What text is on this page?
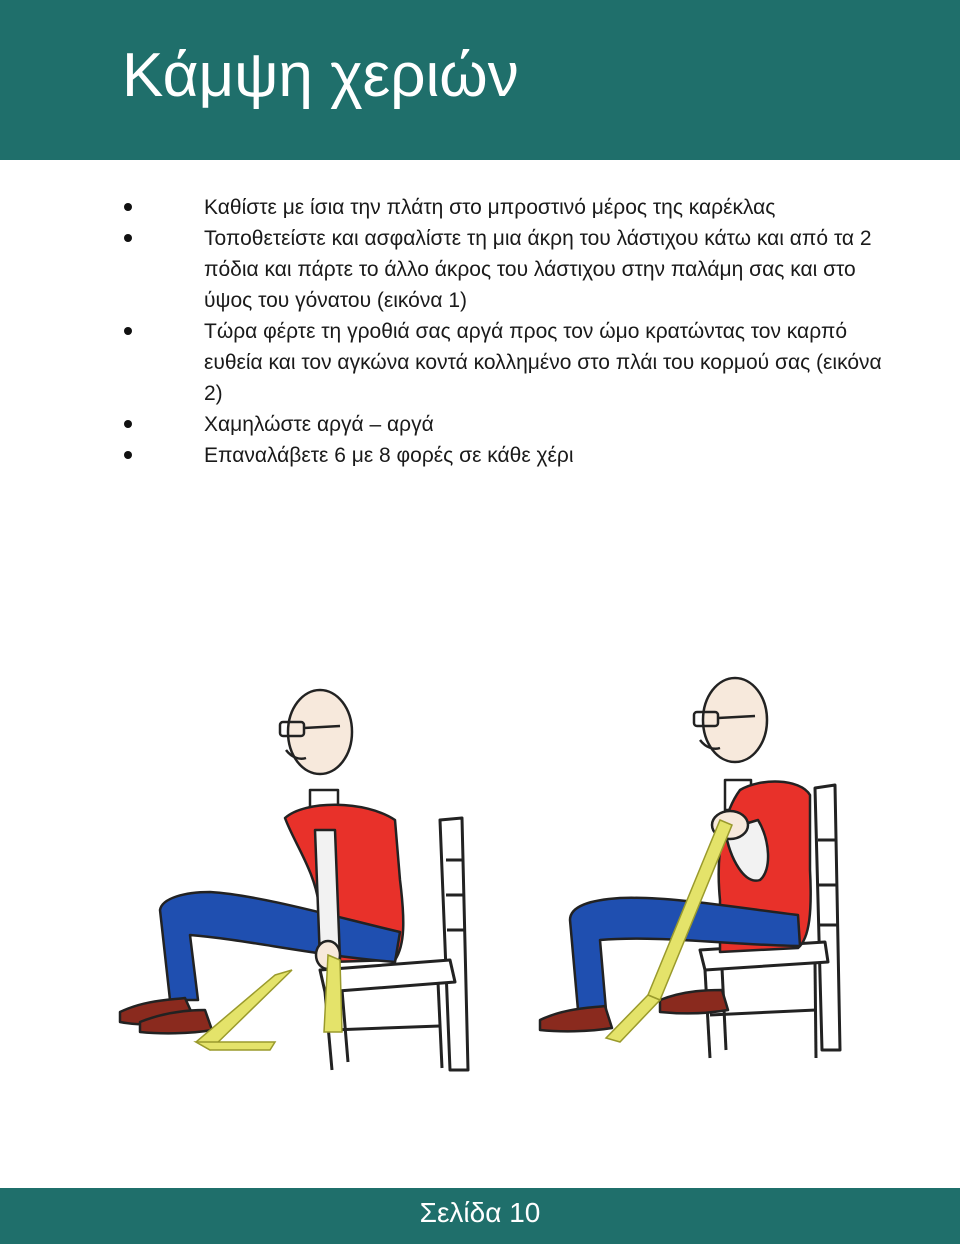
Κάμψη χεριών
Καθίστε με ίσια την πλάτη στο μπροστινό μέρος της καρέκλας
Τοποθετείστε και ασφαλίστε τη μια άκρη του λάστιχου κάτω και από τα 2 πόδια και πάρτε το άλλο άκρος του λάστιχου στην παλάμη σας και στο ύψος του γόνατου (εικόνα 1)
Τώρα φέρτε τη γροθιά σας αργά προς τον ώμο κρατώντας τον καρπό ευθεία και τον αγκώνα κοντά κολλημένο στο πλάι του κορμού σας (εικόνα 2)
Χαμηλώστε αργά – αργά
Επαναλάβετε 6 με 8 φορές σε κάθε χέρι
Σελίδα 10
